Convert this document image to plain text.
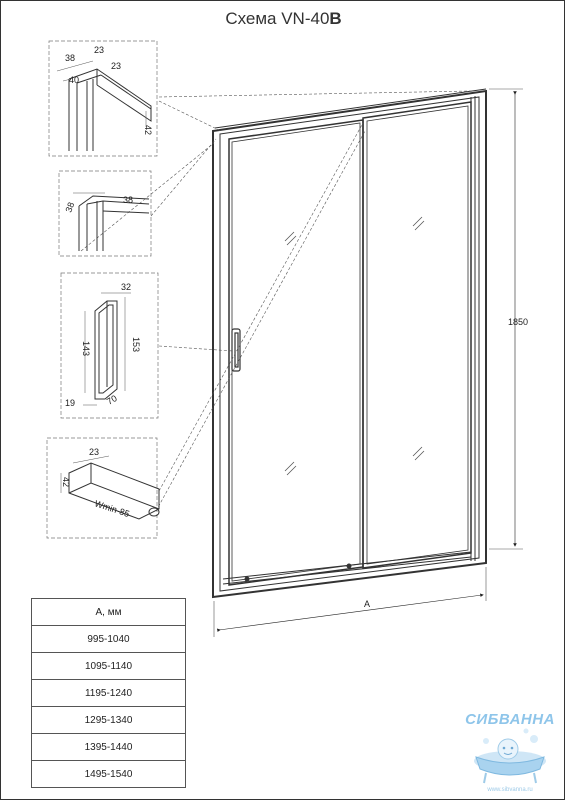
Схема VN-40B
1850
A
38
23
23
40
42
38
38
32
143	153
19	70
23
42
Wmin-85
А, мм
995-1040
1095-1140
1195-1240
1295-1340
1395-1440
1495-1540
СИБВАННА
www.sibvanna.ru
